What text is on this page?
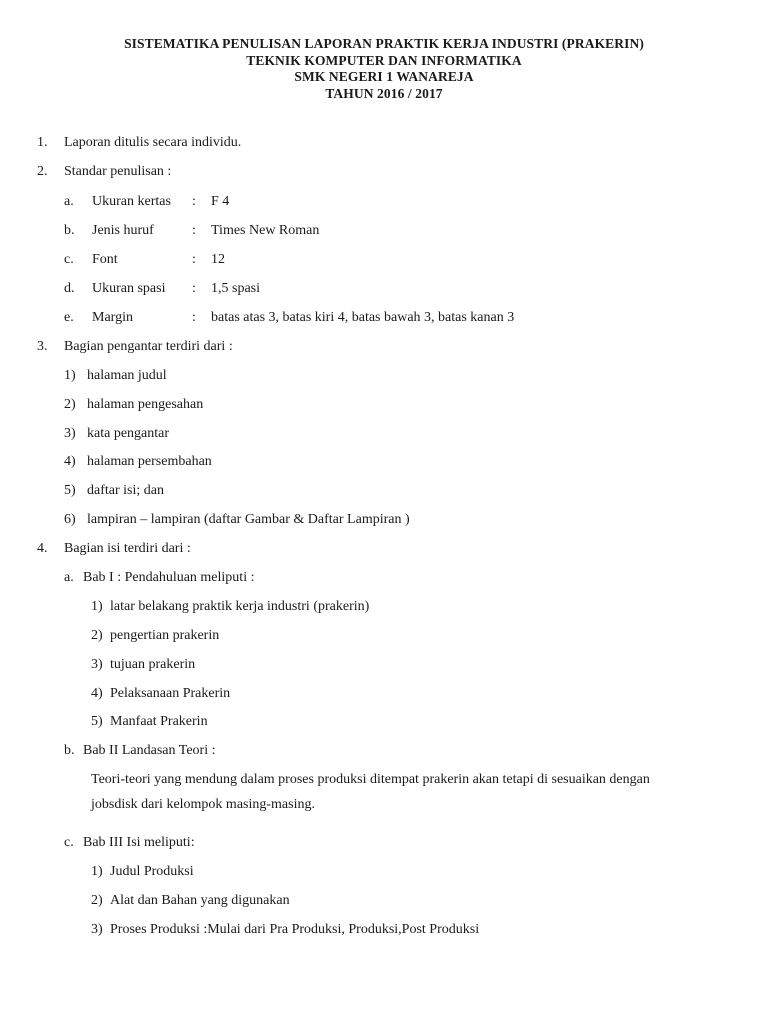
SISTEMATIKA PENULISAN LAPORAN PRAKTIK KERJA INDUSTRI (PRAKERIN)
TEKNIK KOMPUTER DAN INFORMATIKA
SMK NEGERI 1 WANAREJA
TAHUN 2016 / 2017
1. Laporan ditulis secara individu.
2. Standar penulisan :
a. Ukuran kertas : F 4
b. Jenis huruf	: Times New Roman
c. Font	: 12
d. Ukuran spasi : 1,5 spasi
e. Margin	: batas atas 3, batas kiri 4, batas bawah 3, batas kanan 3
3. Bagian pengantar terdiri dari :
1) halaman judul
2) halaman pengesahan
3) kata pengantar
4) halaman persembahan
5) daftar isi; dan
6) lampiran – lampiran (daftar Gambar & Daftar Lampiran )
4. Bagian isi terdiri dari :
a. Bab I : Pendahuluan meliputi :
1) latar belakang praktik kerja industri (prakerin)
2) pengertian prakerin
3) tujuan prakerin
4) Pelaksanaan Prakerin
5) Manfaat Prakerin
b. Bab II Landasan Teori :
Teori-teori yang mendung dalam proses produksi ditempat prakerin akan tetapi di sesuaikan dengan
jobsdisk dari kelompok masing-masing.
c. Bab III Isi meliputi:
1) Judul Produksi
2) Alat dan Bahan yang digunakan
3) Proses Produksi :Mulai dari Pra Produksi, Produksi,Post Produksi
